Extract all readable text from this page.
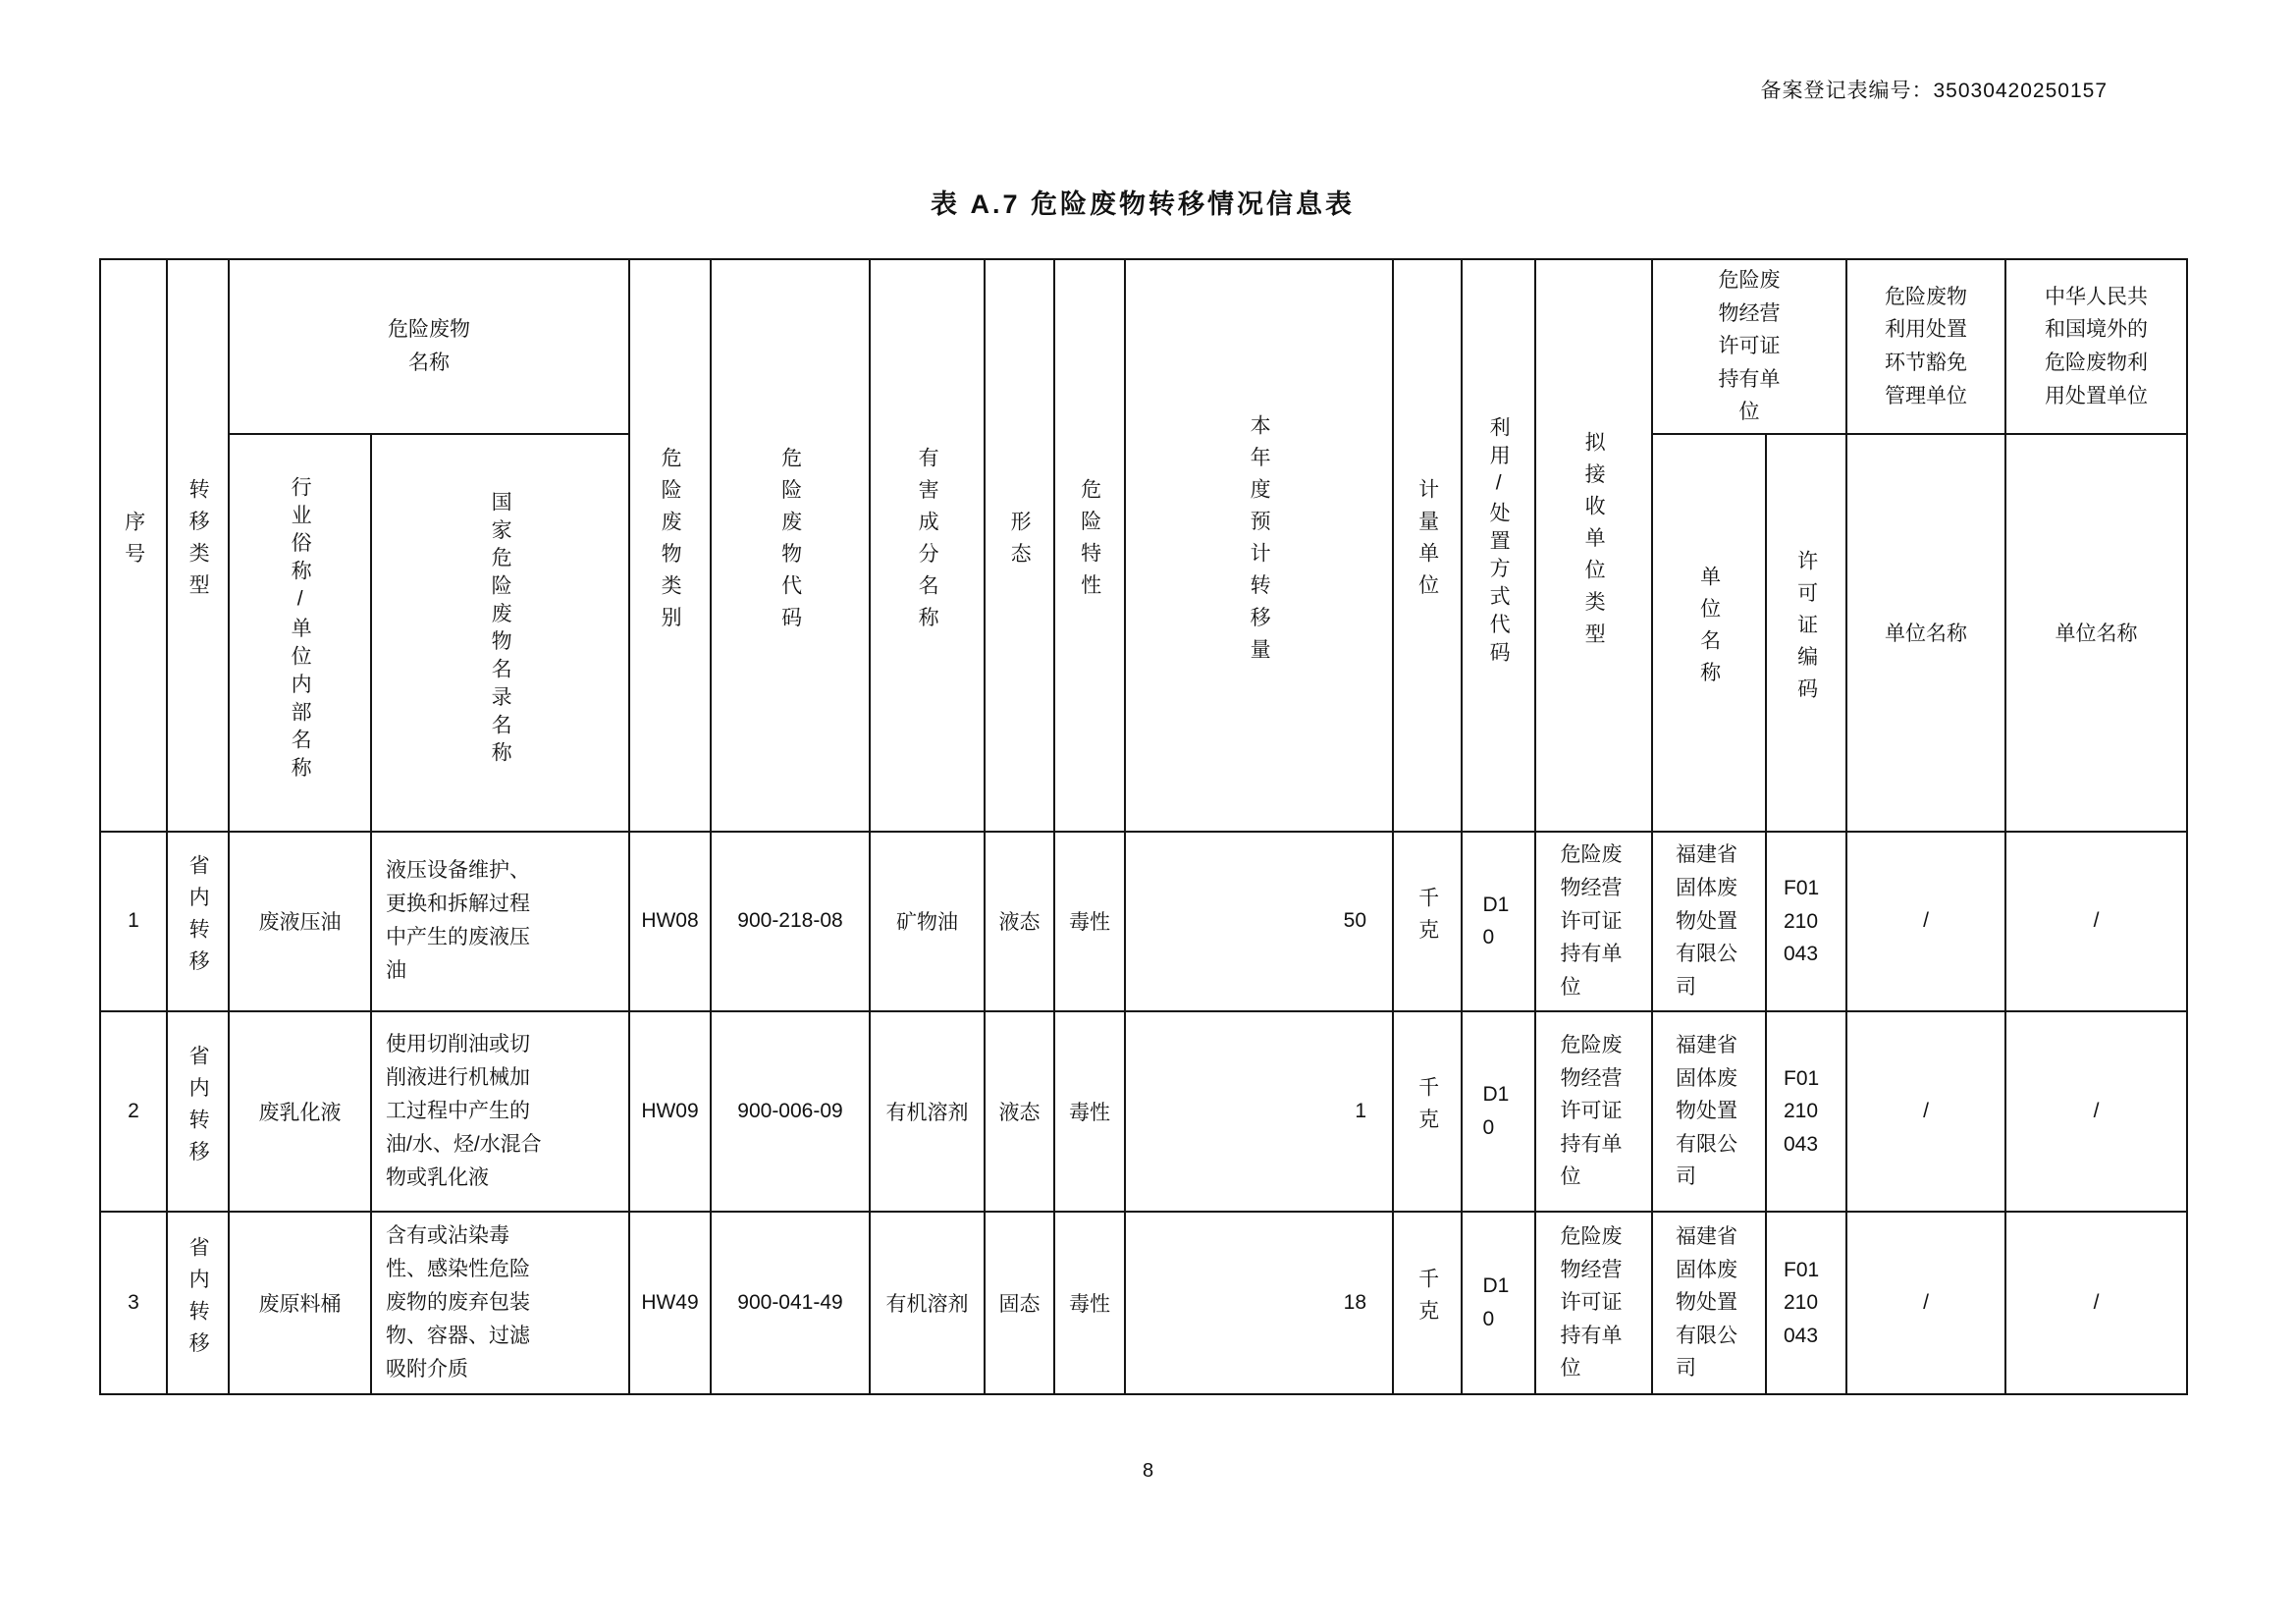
备案登记表编号：35030420250157
表 A.7 危险废物转移情况信息表
序号	转移类型	危险废物名称		危险废物类别	危险废物代码	有害成分名称	形态	危险特性	本年度预计转移量	计量单位	利用/处置方式代码	拟接收单位类型	危险废物经营许可证持有单位		危险废物利用处置环节豁免管理单位	中华人民共和国境外的危险废物利用处置单位
		行业俗称/单位内部名称	国家危险废物名录名称										单位名称	许可证编码	单位名称	单位名称
1	省内转移	废液压油	液压设备维护、更换和拆解过程中产生的废液压油	HW08	900-218-08	矿物油	液态	毒性	50	千克	D10	危险废物经营许可证持有单位	福建省固体废物处置有限公司	F01210043	/	/
2	省内转移	废乳化液	使用切削油或切削液进行机械加工过程中产生的油/水、烃/水混合物或乳化液	HW09	900-006-09	有机溶剂	液态	毒性	1	千克	D10	危险废物经营许可证持有单位	福建省固体废物处置有限公司	F01210043	/	/
3	省内转移	废原料桶	含有或沾染毒性、感染性危险废物的废弃包装物、容器、过滤吸附介质	HW49	900-041-49	有机溶剂	固态	毒性	18	千克	D10	危险废物经营许可证持有单位	福建省固体废物处置有限公司	F01210043	/	/
8
